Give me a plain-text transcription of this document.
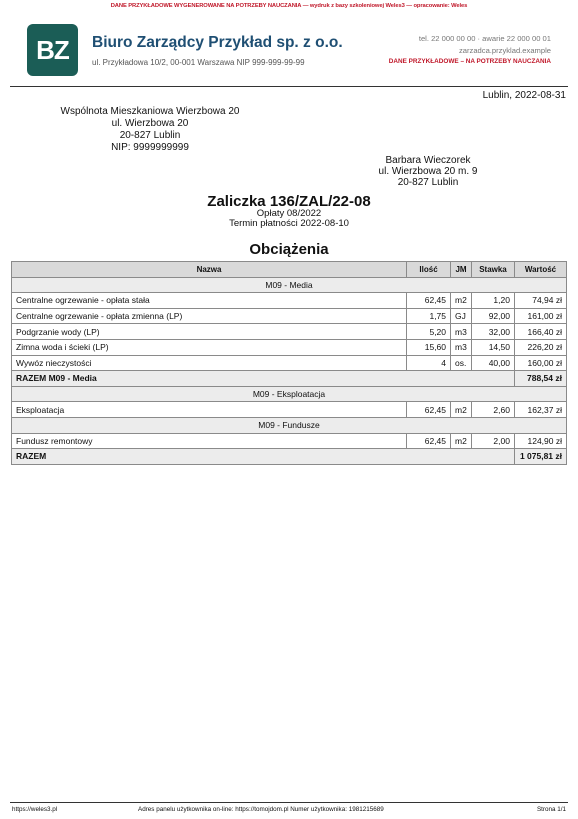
DANE PRZYKŁADOWE WYGENEROWANE NA POTRZEBY NAUCZANIA — wydruk z bazy szkoleniowej Weles3 — opracowanie: Weles
BZ	Biuro Zarządcy Przykład sp. z o.o.
ul. Przykładowa 10/2, 00-001 Warszawa NIP 999-999-99-99
tel. 22 000 00 00 · awarie 22 000 00 01
zarzadca.przyklad.example
DANE PRZYKŁADOWE – NA POTRZEBY NAUCZANIA
Lublin, 2022-08-31
Wspólnota Mieszkaniowa Wierzbowa 20
ul. Wierzbowa 20
20-827 Lublin
NIP: 9999999999
Barbara Wieczorek
ul. Wierzbowa 20 m. 9
20-827 Lublin
Zaliczka 136/ZAL/22-08
Opłaty 08/2022
Termin płatności 2022-08-10
Obciążenia
Nazwa	Ilość	JM	Stawka	Wartość
M09 - Media				
Centralne ogrzewanie - opłata stała	62,45	m2	1,20	74,94 zł
Centralne ogrzewanie - opłata zmienna (LP)	1,75	GJ	92,00	161,00 zł
Podgrzanie wody (LP)	5,20	m3	32,00	166,40 zł
Zimna woda i ścieki (LP)	15,60	m3	14,50	226,20 zł
Wywóz nieczystości	4	os.	40,00	160,00 zł
RAZEM M09 - Media				788,54 zł
M09 - Eksploatacja				
Eksploatacja	62,45	m2	2,60	162,37 zł
M09 - Fundusze				
Fundusz remontowy	62,45	m2	2,00	124,90 zł
RAZEM				1 075,81 zł
https://weles3.pl	Adres panelu użytkownika on-line: https://tomojdom.pl Numer użytkownika: 1981215689	Strona 1/1
